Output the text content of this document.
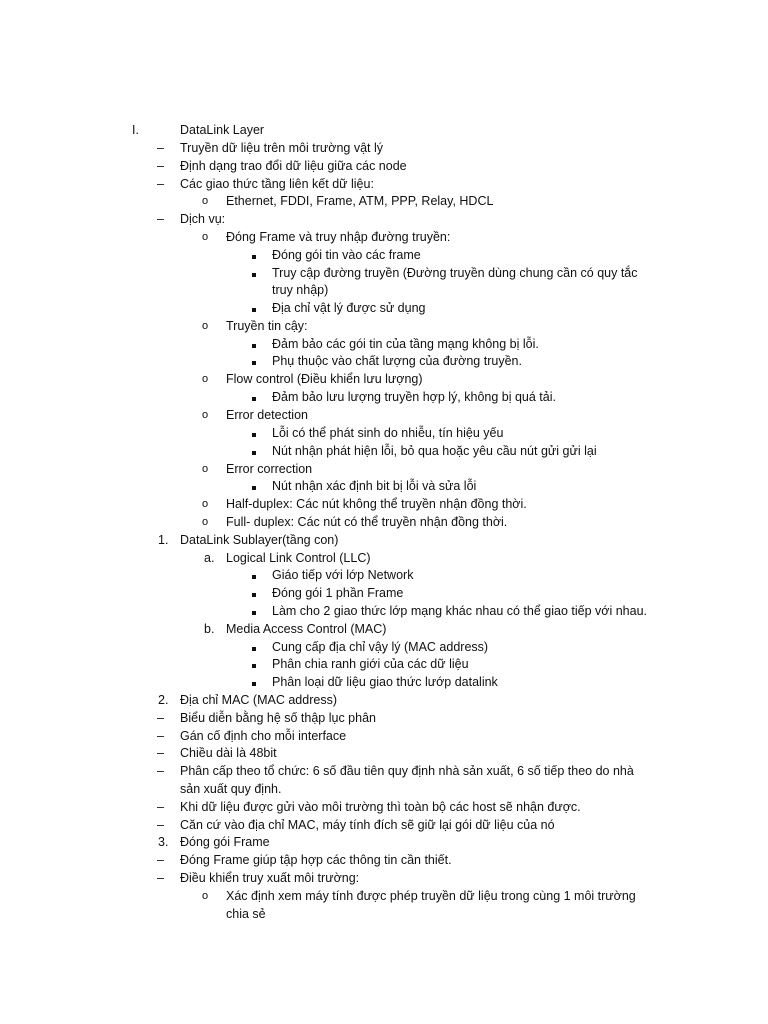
I.	DataLink Layer
– Truyền dữ liệu trên môi trường vật lý
– Định dạng trao đổi dữ liệu giữa các node
– Các giao thức tầng liên kết dữ liệu:
o Ethernet, FDDI, Frame, ATM, PPP, Relay, HDCL
– Dịch vụ:
o Đóng Frame và truy nhập đường truyền:
Đóng gói tin vào các frame
Truy cập đường truyền (Đường truyền dùng chung cần có quy tắc
truy nhập)
Địa chỉ vật lý được sử dụng
o Truyền tin cậy:
Đảm bảo các gói tin của tầng mạng không bị lỗi.
Phụ thuộc vào chất lượng của đường truyền.
o Flow control (Điều khiển lưu lượng)
Đảm bảo lưu lượng truyền hợp lý, không bị quá tải.
o Error detection
Lỗi có thể phát sinh do nhiễu, tín hiệu yếu
Nút nhận phát hiện lỗi, bỏ qua hoặc yêu cầu nút gửi gửi lại
o Error correction
Nút nhận xác định bit bị lỗi và sửa lỗi
o Half-duplex: Các nút không thể truyền nhận đồng thời.
o Full- duplex: Các nút có thể truyền nhận đồng thời.
1. DataLink Sublayer(tầng con)
a. Logical Link Control (LLC)
Giáo tiếp với lớp Network
Đóng gói 1 phần Frame
Làm cho 2 giao thức lớp mạng khác nhau có thể giao tiếp với nhau.
b. Media Access Control (MAC)
Cung cấp địa chỉ vậy lý (MAC address)
Phân chia ranh giới của các dữ liệu
Phân loại dữ liệu giao thức lướp datalink
2. Địa chỉ MAC (MAC address)
– Biểu diễn bằng hệ số thập lục phân
– Gán cố định cho mỗi interface
– Chiều dài là 48bit
– Phân cấp theo tổ chức: 6 số đầu tiên quy định nhà sản xuất, 6 số tiếp theo do nhà
sản xuất quy định.
– Khi dữ liệu được gửi vào môi trường thì toàn bộ các host sẽ nhận được.
– Căn cứ vào địa chỉ MAC, máy tính đích sẽ giữ lại gói dữ liệu của nó
3. Đóng gói Frame
– Đóng Frame giúp tập hợp các thông tin cần thiết.
– Điều khiển truy xuất môi trường:
o Xác định xem máy tính được phép truyền dữ liệu trong cùng 1 môi trường
chia sẻ
